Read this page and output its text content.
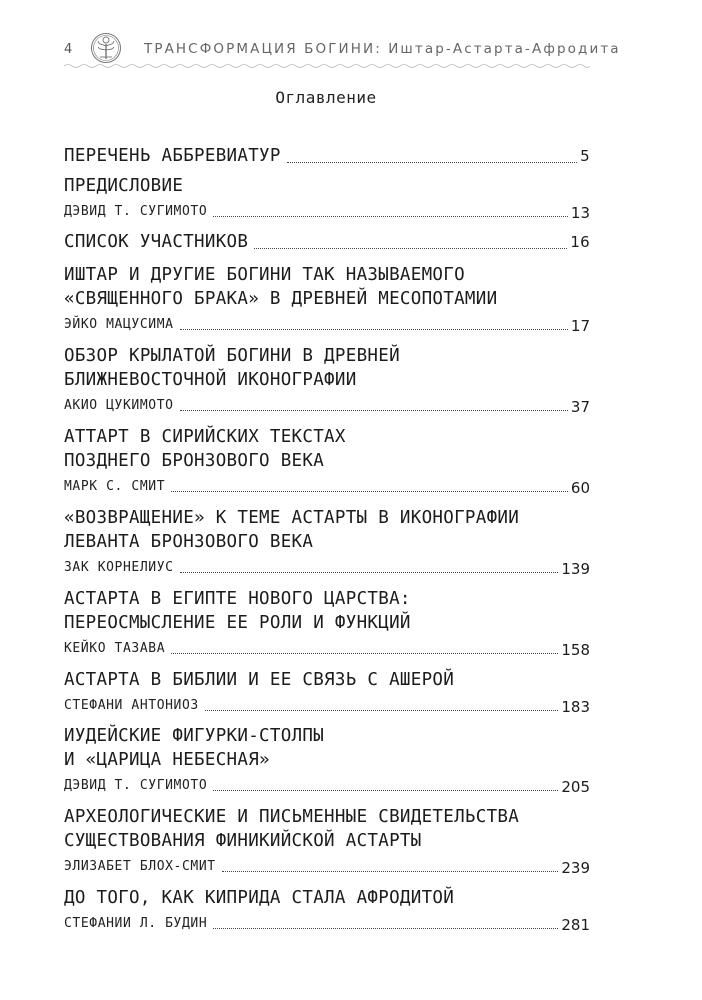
4	ТРАНСФОРМАЦИЯ БОГИНИ: Иштар-Астарта-Афродита
Оглавление
ПЕРЕЧЕНЬ АББРЕВИАТУР	5
ПРЕДИСЛОВИЕ
ДЭВИД Т. СУГИМОТО	13
СПИСОК УЧАСТНИКОВ	16
ИШТАР И ДРУГИЕ БОГИНИ ТАК НАЗЫВАЕМОГО
«СВЯЩЕННОГО БРАКА» В ДРЕВНЕЙ МЕСОПОТАМИИ
ЭЙКО МАЦУСИМА	17
ОБЗОР КРЫЛАТОЙ БОГИНИ В ДРЕВНЕЙ
БЛИЖНЕВОСТОЧНОЙ ИКОНОГРАФИИ
АКИО ЦУКИМОТО	37
АТТАРТ В СИРИЙСКИХ ТЕКСТАХ
ПОЗДНЕГО БРОНЗОВОГО ВЕКА
МАРК С. СМИТ	60
«ВОЗВРАЩЕНИЕ» К ТЕМЕ АСТАРТЫ В ИКОНОГРАФИИ
ЛЕВАНТА БРОНЗОВОГО ВЕКА
ЗАК КОРНЕЛИУС	139
АСТАРТА В ЕГИПТЕ НОВОГО ЦАРСТВА:
ПЕРЕОСМЫСЛЕНИЕ ЕЕ РОЛИ И ФУНКЦИЙ
КЕЙКО ТАЗАВА	158
АСТАРТА В БИБЛИИ И ЕЕ СВЯЗЬ С АШЕРОЙ
СТЕФАНИ АНТОНИОЗ	183
ИУДЕЙСКИЕ ФИГУРКИ-СТОЛПЫ
И «ЦАРИЦА НЕБЕСНАЯ»
ДЭВИД Т. СУГИМОТО	205
АРХЕОЛОГИЧЕСКИЕ И ПИСЬМЕННЫЕ СВИДЕТЕЛЬСТВА
СУЩЕСТВОВАНИЯ ФИНИКИЙСКОЙ АСТАРТЫ
ЭЛИЗАБЕТ БЛОХ-СМИТ	239
ДО ТОГО, КАК КИПРИДА СТАЛА АФРОДИТОЙ
СТЕФАНИИ Л. БУДИН	281
